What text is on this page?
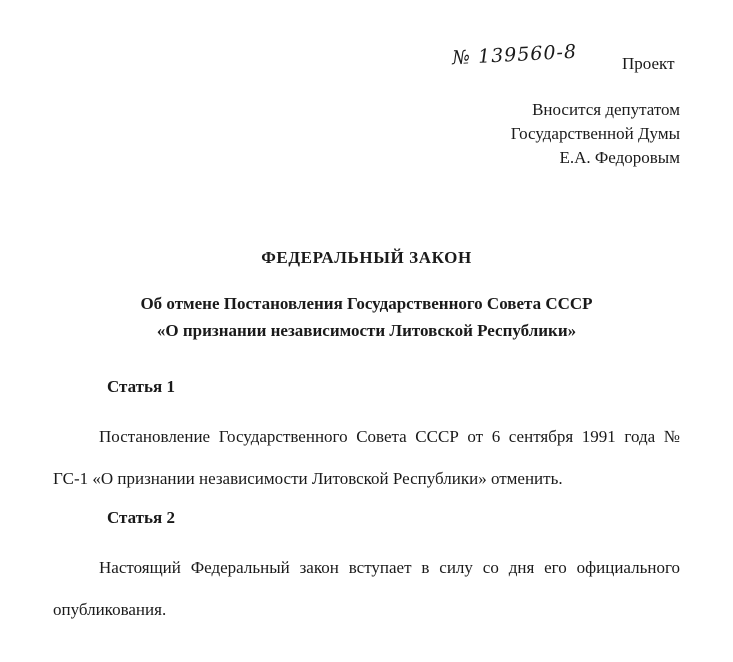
№ 139560-8	Проект
Вносится депутатом
Государственной Думы
Е.А. Федоровым
ФЕДЕРАЛЬНЫЙ ЗАКОН
Об отмене Постановления Государственного Совета СССР
«О признании независимости Литовской Республики»
Статья 1
Постановление Государственного Совета СССР от 6 сентября 1991 года № ГС-1 «О признании независимости Литовской Республики» отменить.
Статья 2
Настоящий Федеральный закон вступает в силу со дня его официального опубликования.
